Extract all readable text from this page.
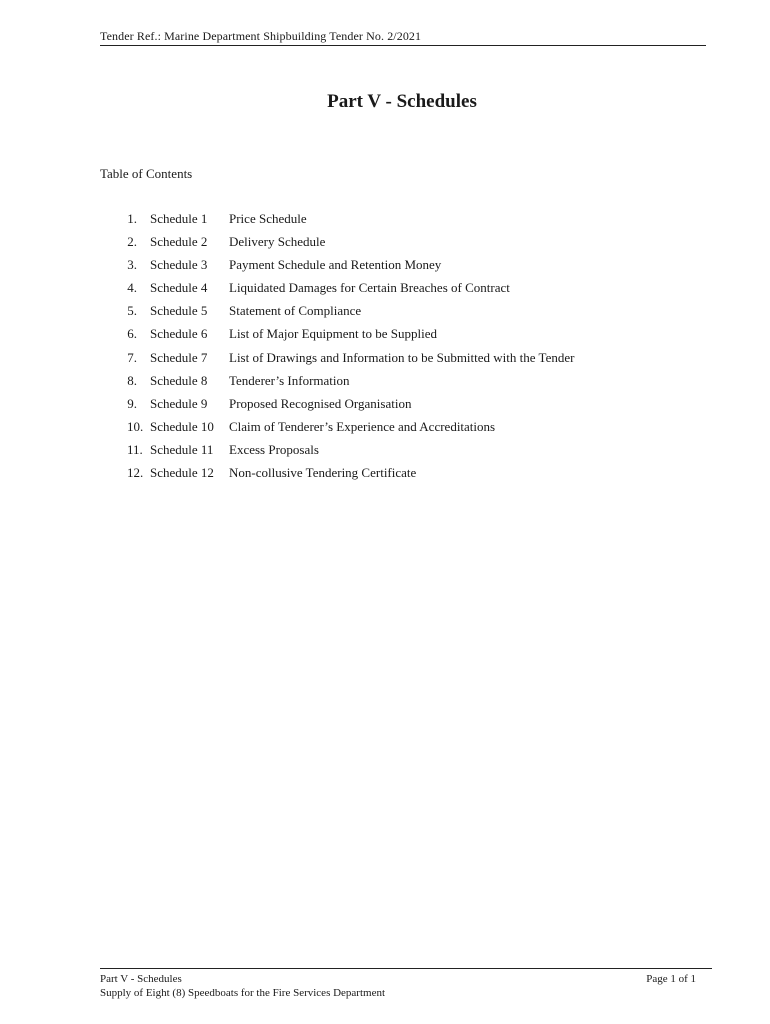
Tender Ref.: Marine Department Shipbuilding Tender No. 2/2021
Part V - Schedules
Table of Contents
1. Schedule 1 Price Schedule
2. Schedule 2 Delivery Schedule
3. Schedule 3 Payment Schedule and Retention Money
4. Schedule 4 Liquidated Damages for Certain Breaches of Contract
5. Schedule 5 Statement of Compliance
6. Schedule 6 List of Major Equipment to be Supplied
7. Schedule 7 List of Drawings and Information to be Submitted with the Tender
8. Schedule 8 Tenderer’s Information
9. Schedule 9 Proposed Recognised Organisation
10. Schedule 10 Claim of Tenderer’s Experience and Accreditations
11. Schedule 11 Excess Proposals
12. Schedule 12 Non-collusive Tendering Certificate
Part V - Schedules
Supply of Eight (8) Speedboats for the Fire Services Department
Page 1 of 1
